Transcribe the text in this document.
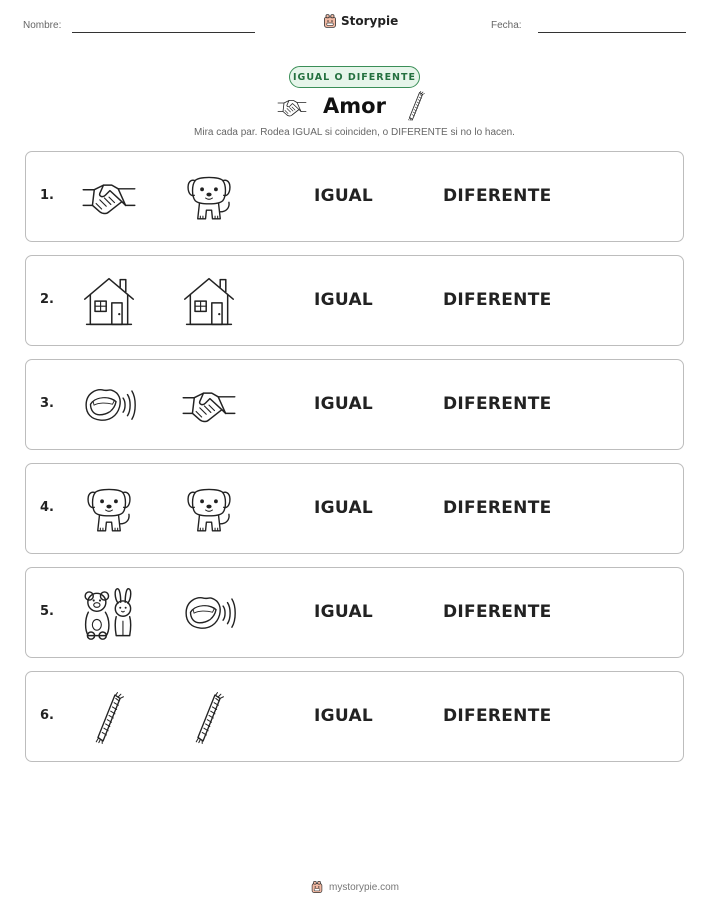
Nombre:	Storypie	Fecha:
IGUAL O DIFERENTE
Amor
Mira cada par. Rodea IGUAL si coinciden, o DIFERENTE si no lo hacen.
1.	IGUAL	DIFERENTE
2.	IGUAL	DIFERENTE
3.	IGUAL	DIFERENTE
4.	IGUAL	DIFERENTE
5.	IGUAL	DIFERENTE
6.	IGUAL	DIFERENTE
mystorypie.com
